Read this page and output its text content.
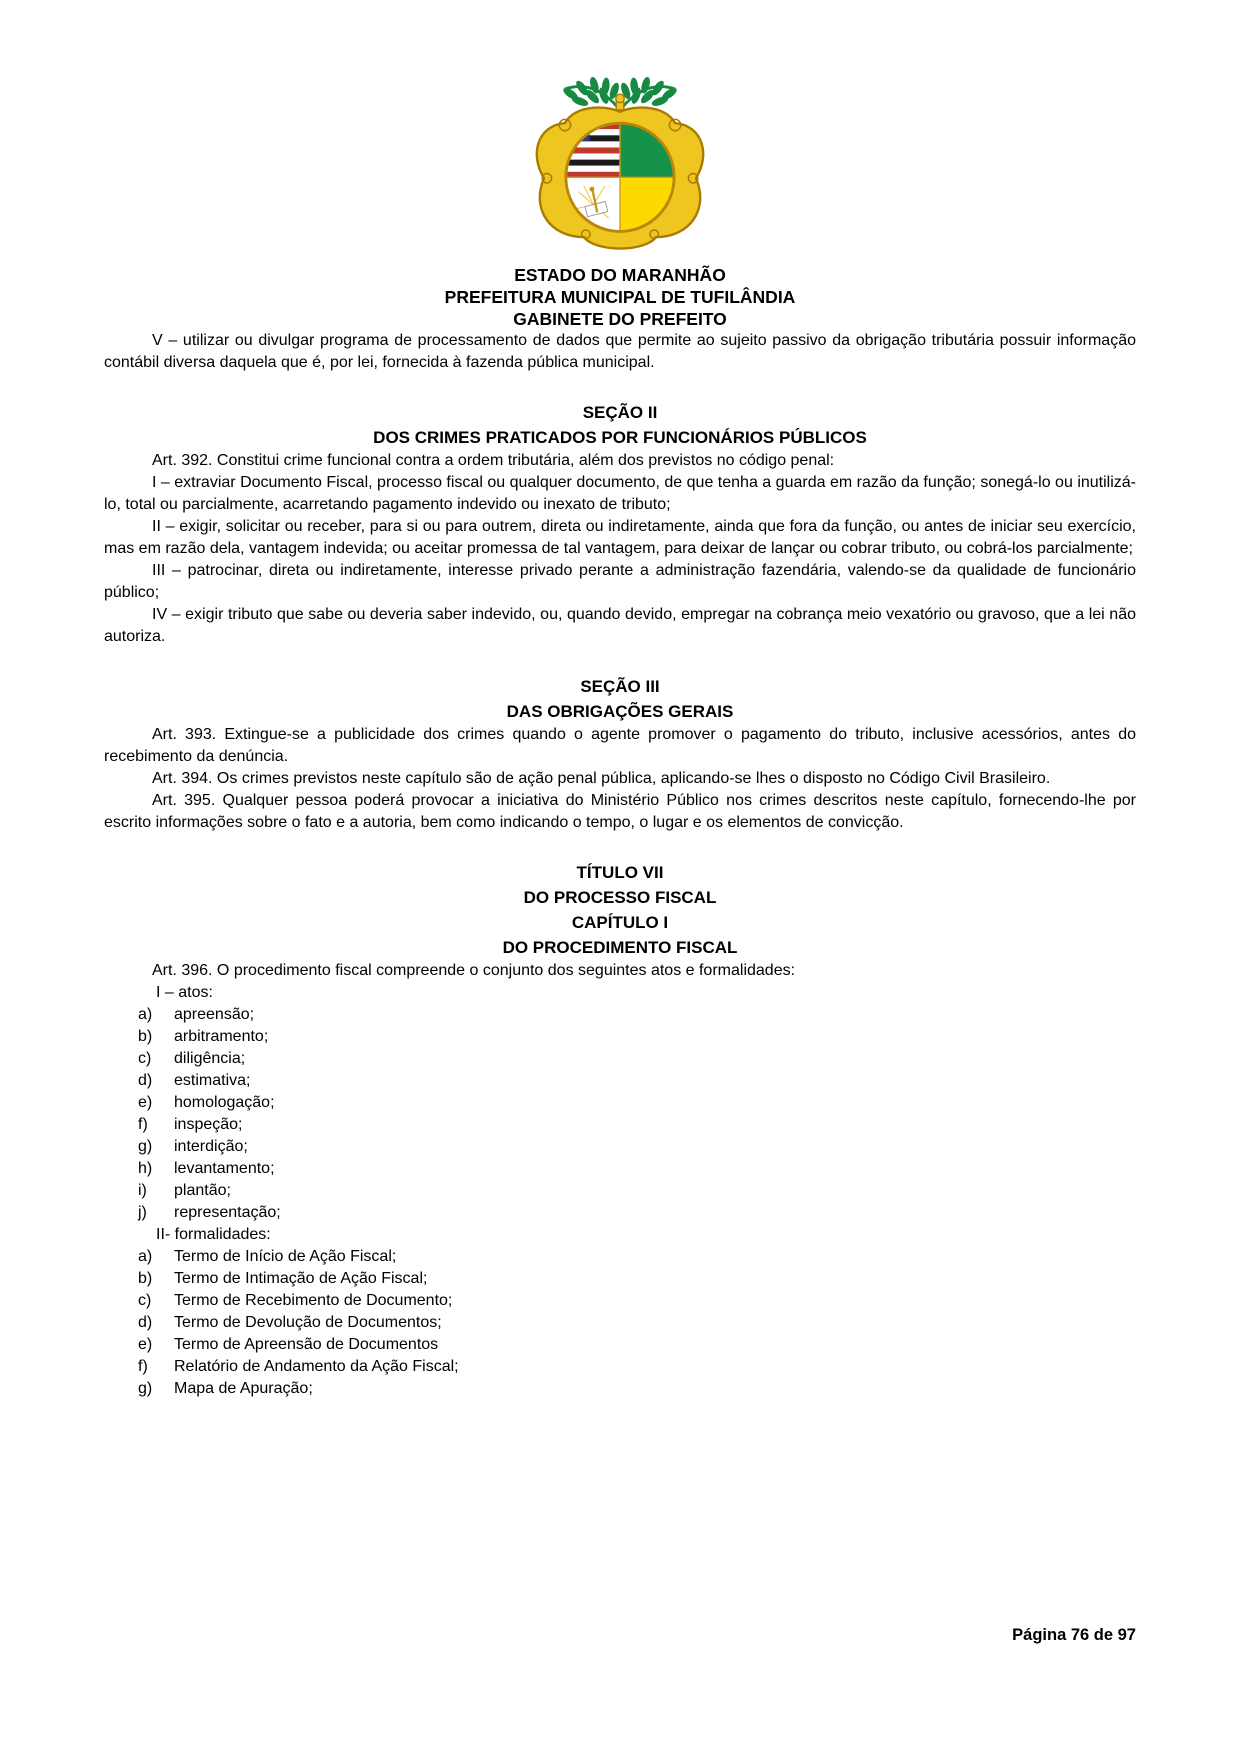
ESTADO DO MARANHÃO
PREFEITURA MUNICIPAL DE TUFILÂNDIA
GABINETE DO PREFEITO

V – utilizar ou divulgar programa de processamento de dados que permite ao sujeito passivo da obrigação tributária possuir informação contábil diversa daquela que é, por lei, fornecida à fazenda pública municipal.

SEÇÃO II
DOS CRIMES PRATICADOS POR FUNCIONÁRIOS PÚBLICOS

Art. 392. Constitui crime funcional contra a ordem tributária, além dos previstos no código penal:

I – extraviar Documento Fiscal, processo fiscal ou qualquer documento, de que tenha a guarda em razão da função; sonegá-lo ou inutilizá-lo, total ou parcialmente, acarretando pagamento indevido ou inexato de tributo;

II – exigir, solicitar ou receber, para si ou para outrem, direta ou indiretamente, ainda que fora da função, ou antes de iniciar seu exercício, mas em razão dela, vantagem indevida; ou aceitar promessa de tal vantagem, para deixar de lançar ou cobrar tributo, ou cobrá-los parcialmente;

III – patrocinar, direta ou indiretamente, interesse privado perante a administração fazendária, valendo-se da qualidade de funcionário público;

IV – exigir tributo que sabe ou deveria saber indevido, ou, quando devido, empregar na cobrança meio vexatório ou gravoso, que a lei não autoriza.

SEÇÃO III
DAS OBRIGAÇÕES GERAIS

Art. 393. Extingue-se a publicidade dos crimes quando o agente promover o pagamento do tributo, inclusive acessórios, antes do recebimento da denúncia.

Art. 394. Os crimes previstos neste capítulo são de ação penal pública, aplicando-se lhes o disposto no Código Civil Brasileiro.

Art. 395. Qualquer pessoa poderá provocar a iniciativa do Ministério Público nos crimes descritos neste capítulo, fornecendo-lhe por escrito informações sobre o fato e a autoria, bem como indicando o tempo, o lugar e os elementos de convicção.

TÍTULO VII
DO PROCESSO FISCAL
CAPÍTULO I
DO PROCEDIMENTO FISCAL

Art. 396. O procedimento fiscal compreende o conjunto dos seguintes atos e formalidades:

I – atos:

a) apreensão;
b) arbitramento;
c) diligência;
d) estimativa;
e) homologação;
f) inspeção;
g) interdição;
h) levantamento;
i) plantão;
j) representação;

II- formalidades:

a) Termo de Início de Ação Fiscal;
b) Termo de Intimação de Ação Fiscal;
c) Termo de Recebimento de Documento;
d) Termo de Devolução de Documentos;
e) Termo de Apreensão de Documentos
f) Relatório de Andamento da Ação Fiscal;
g) Mapa de Apuração;
Página 76 de 97
